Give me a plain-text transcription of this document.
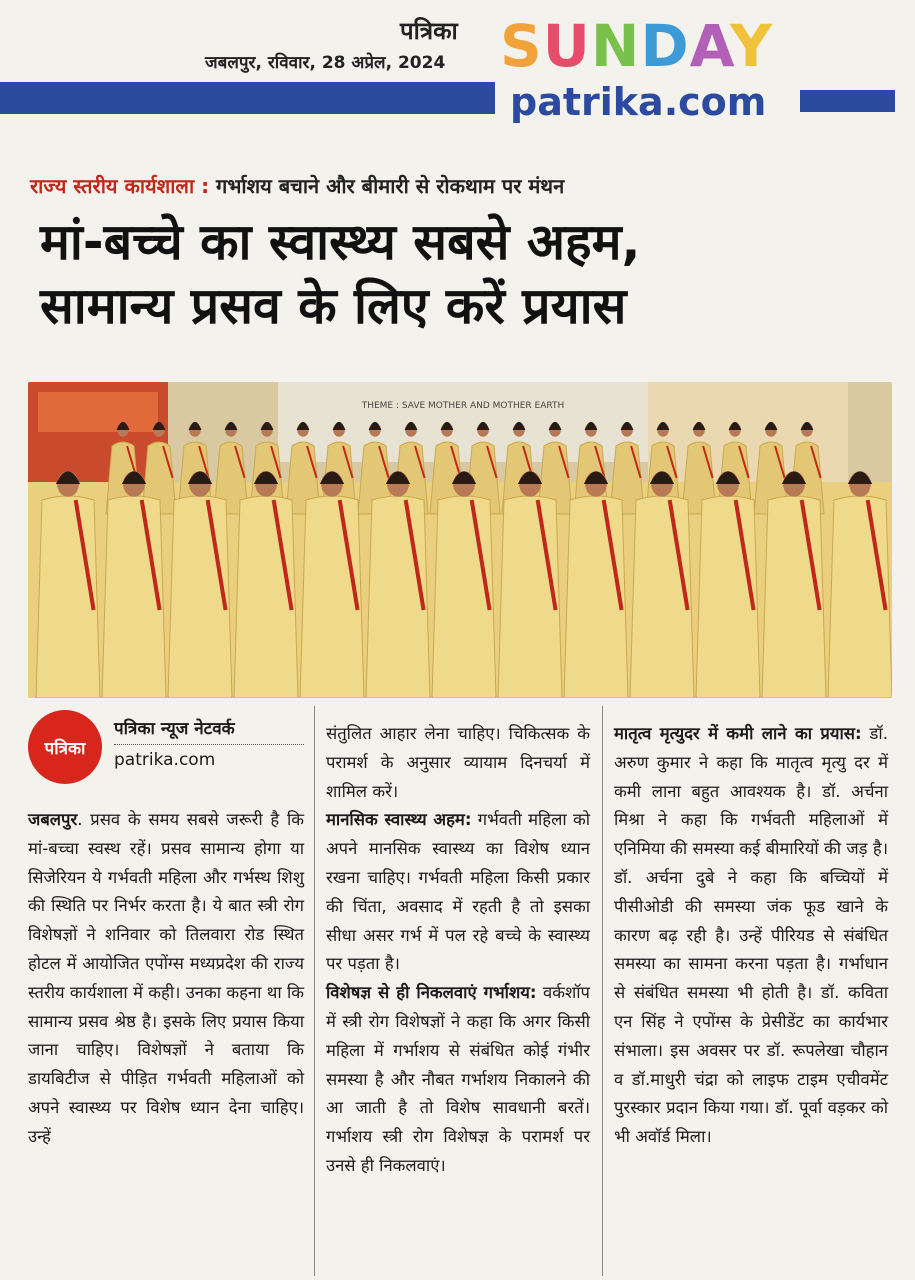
पत्रिका
जबलपुर, रविवार, 28 अप्रेल, 2024 SUNDAY
patrika.com
राज्य स्तरीय कार्यशाला : गर्भाशय बचाने और बीमारी से रोकथाम पर मंथन
मां-बच्चे का स्वास्थ्य सबसे अहम,
सामान्य प्रसव के लिए करें प्रयास
THEME : SAVE MOTHER AND MOTHER EARTH
पत्रिका
पत्रिका न्यूज नेटवर्क
patrika.com

जबलपुर. प्रसव के समय सबसे जरूरी है कि मां-बच्चा स्वस्थ रहें। प्रसव सामान्य होगा या सिजेरियन ये गर्भवती महिला और गर्भस्थ शिशु की स्थिति पर निर्भर करता है। ये बात स्त्री रोग विशेषज्ञों ने शनिवार को तिलवारा रोड स्थित होटल में आयोजित एपोंग्स मध्यप्रदेश की राज्य स्तरीय कार्यशाला में कही। उनका कहना था कि सामान्य प्रसव श्रेष्ठ है। इसके लिए प्रयास किया जाना चाहिए। विशेषज्ञों ने बताया कि डायबिटीज से पीड़ित गर्भवती महिलाओं को अपने स्वास्थ्य पर विशेष ध्यान देना चाहिए। उन्हें

संतुलित आहार लेना चाहिए। चिकित्सक के परामर्श के अनुसार व्यायाम दिनचर्या में शामिल करें।

मानसिक स्वास्थ्य अहम: गर्भवती महिला को अपने मानसिक स्वास्थ्य का विशेष ध्यान रखना चाहिए। गर्भवती महिला किसी प्रकार की चिंता, अवसाद में रहती है तो इसका सीधा असर गर्भ में पल रहे बच्चे के स्वास्थ्य पर पड़ता है।

विशेषज्ञ से ही निकलवाएं गर्भाशय: वर्कशॉप में स्त्री रोग विशेषज्ञों ने कहा कि अगर किसी महिला में गर्भाशय से संबंधित कोई गंभीर समस्या है और नौबत गर्भाशय निकालने की आ जाती है तो विशेष सावधानी बरतें। गर्भाशय स्त्री रोग विशेषज्ञ के परामर्श पर उनसे ही निकलवाएं।

मातृत्व मृत्युदर में कमी लाने का प्रयास: डॉ. अरुण कुमार ने कहा कि मातृत्व मृत्यु दर में कमी लाना बहुत आवश्यक है। डॉ. अर्चना मिश्रा ने कहा कि गर्भवती महिलाओं में एनिमिया की समस्या कई बीमारियों की जड़ है। डॉ. अर्चना दुबे ने कहा कि बच्चियों में पीसीओडी की समस्या जंक फूड खाने के कारण बढ़ रही है। उन्हें पीरियड से संबंधित समस्या का सामना करना पड़ता है। गर्भाधान से संबंधित समस्या भी होती है। डॉ. कविता एन सिंह ने एपोंग्स के प्रेसीडेंट का कार्यभार संभाला। इस अवसर पर डॉ. रूपलेखा चौहान व डॉ.माधुरी चंद्रा को लाइफ टाइम एचीवमेंट पुरस्कार प्रदान किया गया। डॉ. पूर्वा वड़कर को भी अवॉर्ड मिला।
